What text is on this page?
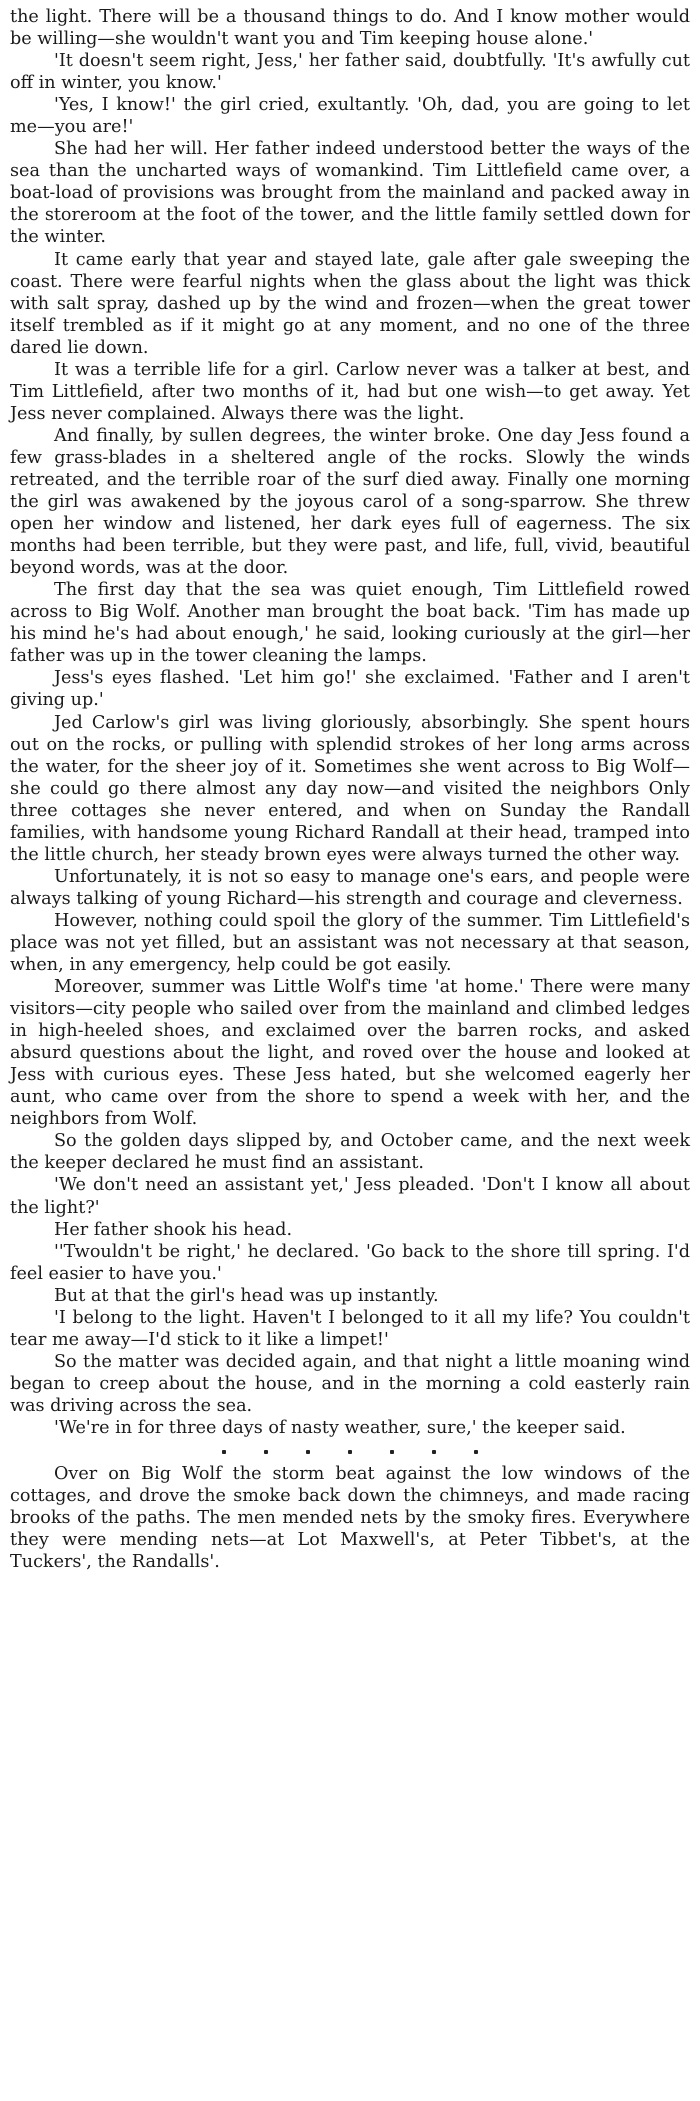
the light. There will be a thousand things to do. And I know mother would be willing—she wouldn't want you and Tim keeping house alone.'

'It doesn't seem right, Jess,' her father said, doubtfully. 'It's awfully cut off in winter, you know.'

'Yes, I know!' the girl cried, exultantly. 'Oh, dad, you are going to let me—you are!'

She had her will. Her father indeed understood better the ways of the sea than the uncharted ways of womankind. Tim Littlefield came over, a boat-load of provisions was brought from the mainland and packed away in the storeroom at the foot of the tower, and the little family settled down for the winter.

It came early that year and stayed late, gale after gale sweeping the coast. There were fearful nights when the glass about the light was thick with salt spray, dashed up by the wind and frozen—when the great tower itself trembled as if it might go at any moment, and no one of the three dared lie down.

It was a terrible life for a girl. Carlow never was a talker at best, and Tim Littlefield, after two months of it, had but one wish—to get away. Yet Jess never complained. Always there was the light.

And finally, by sullen degrees, the winter broke. One day Jess found a few grass-blades in a sheltered angle of the rocks. Slowly the winds retreated, and the terrible roar of the surf died away. Finally one morning the girl was awakened by the joyous carol of a song-sparrow. She threw open her window and listened, her dark eyes full of eagerness. The six months had been terrible, but they were past, and life, full, vivid, beautiful beyond words, was at the door.

The first day that the sea was quiet enough, Tim Littlefield rowed across to Big Wolf. Another man brought the boat back. 'Tim has made up his mind he's had about enough,' he said, looking curiously at the girl—her father was up in the tower cleaning the lamps.

Jess's eyes flashed. 'Let him go!' she exclaimed. 'Father and I aren't giving up.'

Jed Carlow's girl was living gloriously, absorbingly. She spent hours out on the rocks, or pulling with splendid strokes of her long arms across the water, for the sheer joy of it. Sometimes she went across to Big Wolf—she could go there almost any day now—and visited the neighbors Only three cottages she never entered, and when on Sunday the Randall families, with handsome young Richard Randall at their head, tramped into the little church, her steady brown eyes were always turned the other way.

Unfortunately, it is not so easy to manage one's ears, and people were always talking of young Richard—his strength and courage and cleverness.

However, nothing could spoil the glory of the summer. Tim Littlefield's place was not yet filled, but an assistant was not necessary at that season, when, in any emergency, help could be got easily.

Moreover, summer was Little Wolf's time 'at home.' There were many visitors—city people who sailed over from the mainland and climbed ledges in high-heeled shoes, and exclaimed over the barren rocks, and asked absurd questions about the light, and roved over the house and looked at Jess with curious eyes. These Jess hated, but she welcomed eagerly her aunt, who came over from the shore to spend a week with her, and the neighbors from Wolf.

So the golden days slipped by, and October came, and the next week the keeper declared he must find an assistant.

'We don't need an assistant yet,' Jess pleaded. 'Don't I know all about the light?'

Her father shook his head.

''Twouldn't be right,' he declared. 'Go back to the shore till spring. I'd feel easier to have you.'

But at that the girl's head was up instantly.

'I belong to the light. Haven't I belonged to it all my life? You couldn't tear me away—I'd stick to it like a limpet!'

So the matter was decided again, and that night a little moaning wind began to creep about the house, and in the morning a cold easterly rain was driving across the sea.

'We're in for three days of nasty weather, sure,' the keeper said.

Over on Big Wolf the storm beat against the low windows of the cottages, and drove the smoke back down the chimneys, and made racing brooks of the paths. The men mended nets by the smoky fires. Everywhere they were mending nets—at Lot Maxwell's, at Peter Tibbet's, at the Tuckers', the Randalls'.
